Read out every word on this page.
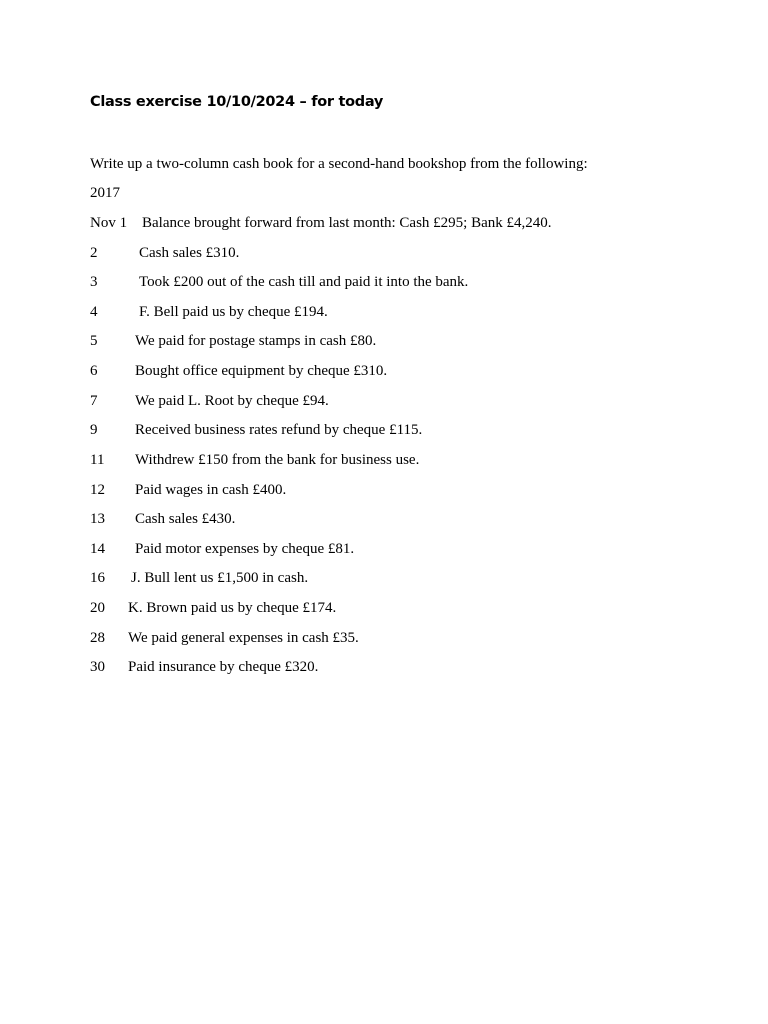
Class exercise 10/10/2024 – for today
Write up a two-column cash book for a second-hand bookshop from the following:
2017
Nov 1 Balance brought forward from last month: Cash £295; Bank £4,240.
2	Cash sales £310.
3	Took £200 out of the cash till and paid it into the bank.
4	F. Bell paid us by cheque £194.
5	We paid for postage stamps in cash £80.
6	Bought office equipment by cheque £310.
7	We paid L. Root by cheque £94.
9	Received business rates refund by cheque £115.
11 Withdrew £150 from the bank for business use.
12 Paid wages in cash £400.
13 Cash sales £430.
14 Paid motor expenses by cheque £81.
16 J. Bull lent us £1,500 in cash.
20 K. Brown paid us by cheque £174.
28 We paid general expenses in cash £35.
30 Paid insurance by cheque £320.
